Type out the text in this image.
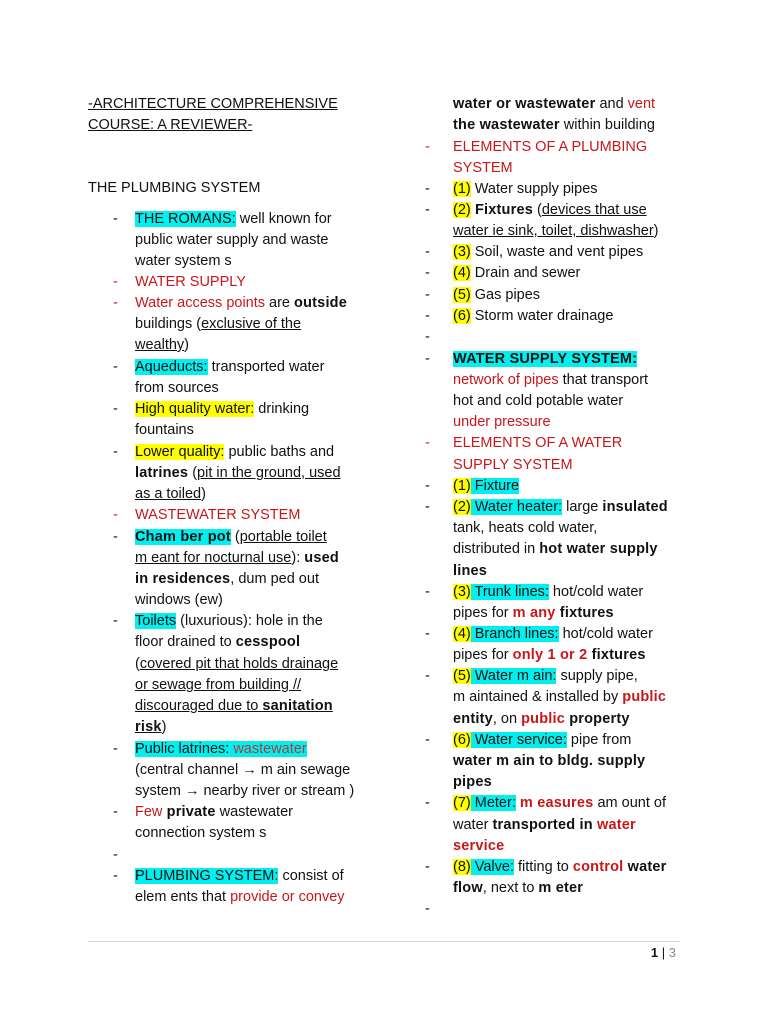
-ARCHITECTURE COMPREHENSIVE
COURSE: A REVIEWER-
THE PLUMBING SYSTEM
- THE ROMANS: well known for
public water supply and waste
water system s
- WATER SUPPLY
- Water access points are outside
buildings (exclusive of the
wealthy)
- Aqueducts: transported water
from sources
- High quality water: drinking
fountains
- Lower quality: public baths and
latrines (pit in the ground, used
as a toiled)
- WASTEWATER SYSTEM
- Cham ber pot (portable toilet
m eant for nocturnal use): used
in residences, dum ped out
windows (ew)
- Toilets (luxurious): hole in the
floor drained to cesspool
(covered pit that holds drainage
or sewage from building //
discouraged due to sanitation
risk)
- Public latrines: wastewater
(central channel → m ain sewage
system → nearby river or stream )
- Few private wastewater
connection system s
-
- PLUMBING SYSTEM: consist of
elem ents that provide or convey
water or wastewater and vent
the wastewater within building
- ELEMENTS OF A PLUMBING
SYSTEM
- (1) Water supply pipes
- (2) Fixtures (devices that use
water ie sink, toilet, dishwasher)
- (3) Soil, waste and vent pipes
- (4) Drain and sewer
- (5) Gas pipes
- (6) Storm water drainage
-
- WATER SUPPLY SYSTEM:
network of pipes that transport
hot and cold potable water
under pressure
- ELEMENTS OF A WATER
SUPPLY SYSTEM
- (1) Fixture
- (2) Water heater: large insulated
tank, heats cold water,
distributed in hot water supply
lines
- (3) Trunk lines: hot/cold water
pipes for m any fixtures
- (4) Branch lines: hot/cold water
pipes for only 1 or 2 fixtures
- (5) Water m ain: supply pipe,
m aintained & installed by public
entity, on public property
- (6) Water service: pipe from
water m ain to bldg. supply
pipes
- (7) Meter: m easures am ount of
water transported in water
service
- (8) Valve: fitting to control water
flow, next to m eter
-
1 | 3
